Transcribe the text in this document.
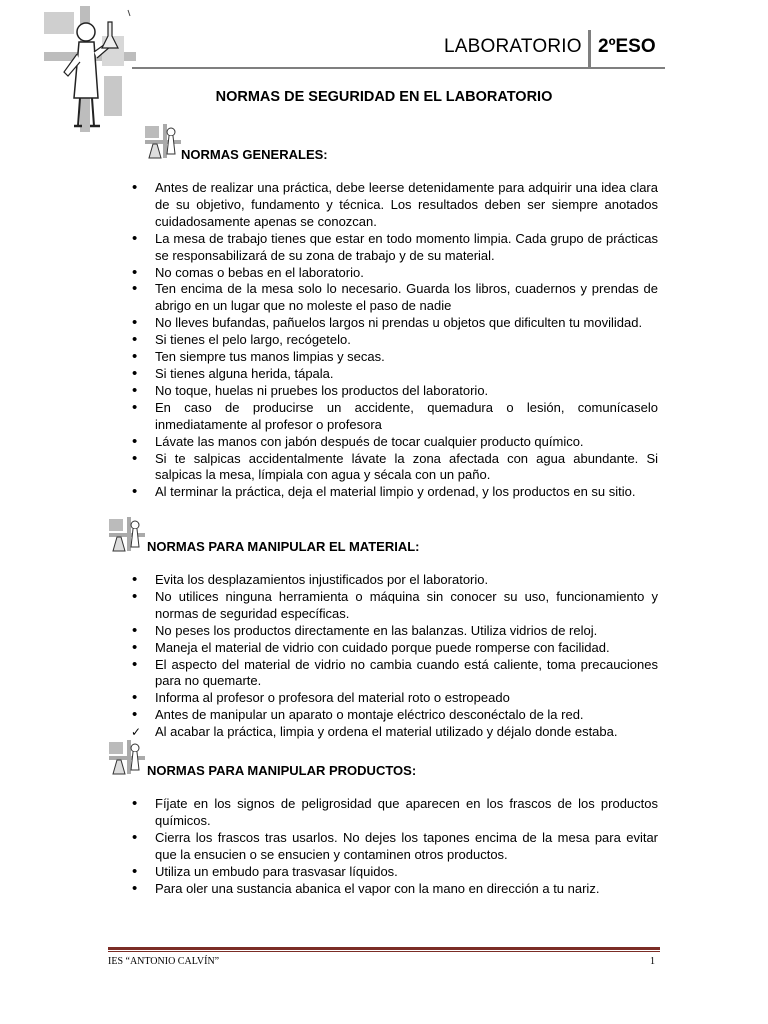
LABORATORIO 2ºESO
NORMAS DE SEGURIDAD EN EL LABORATORIO
NORMAS GENERALES:
• Antes de realizar una práctica, debe leerse detenidamente para adquirir una idea clara de su objetivo, fundamento y técnica. Los resultados deben ser siempre anotados cuidadosamente apenas se conozcan.
• La mesa de trabajo tienes que estar en todo momento limpia. Cada grupo de prácticas se responsabilizará de su zona de trabajo y de su material.
• No comas o bebas en el laboratorio.
• Ten encima de la mesa solo lo necesario. Guarda los libros, cuadernos y prendas de abrigo en un lugar que no moleste el paso de nadie
• No lleves bufandas, pañuelos largos ni prendas u objetos que dificulten tu movilidad.
• Si tienes el pelo largo, recógetelo.
• Ten siempre tus manos limpias y secas.
• Si tienes alguna herida, tápala.
• No toque, huelas ni pruebes los productos del laboratorio.
• En caso de producirse un accidente, quemadura o lesión, comunícaselo inmediatamente al profesor o profesora
• Lávate las manos con jabón después de tocar cualquier producto químico.
• Si te salpicas accidentalmente lávate la zona afectada con agua abundante. Si salpicas la mesa, límpiala con agua y sécala con un paño.
• Al terminar la práctica, deja el material limpio y ordenad, y los productos en su sitio.
NORMAS PARA MANIPULAR EL MATERIAL:
• Evita los desplazamientos injustificados por el laboratorio.
• No utilices ninguna herramienta o máquina sin conocer su uso, funcionamiento y normas de seguridad específicas.
• No peses los productos directamente en las balanzas. Utiliza vidrios de reloj.
• Maneja el material de vidrio con cuidado porque puede romperse con facilidad.
• El aspecto del material de vidrio no cambia cuando está caliente, toma precauciones para no quemarte.
• Informa al profesor o profesora del material roto o estropeado
• Antes de manipular un aparato o montaje eléctrico desconéctalo de la red.
✓ Al acabar la práctica, limpia y ordena el material utilizado y déjalo donde estaba.
NORMAS PARA MANIPULAR PRODUCTOS:
• Fíjate en los signos de peligrosidad que aparecen en los frascos de los productos químicos.
• Cierra los frascos tras usarlos. No dejes los tapones encima de la mesa para evitar que la ensucien o se ensucien y contaminen otros productos.
• Utiliza un embudo para trasvasar líquidos.
• Para oler una sustancia abanica el vapor con la mano en dirección a tu nariz.
IES “ANTONIO CALVÍN”	1
